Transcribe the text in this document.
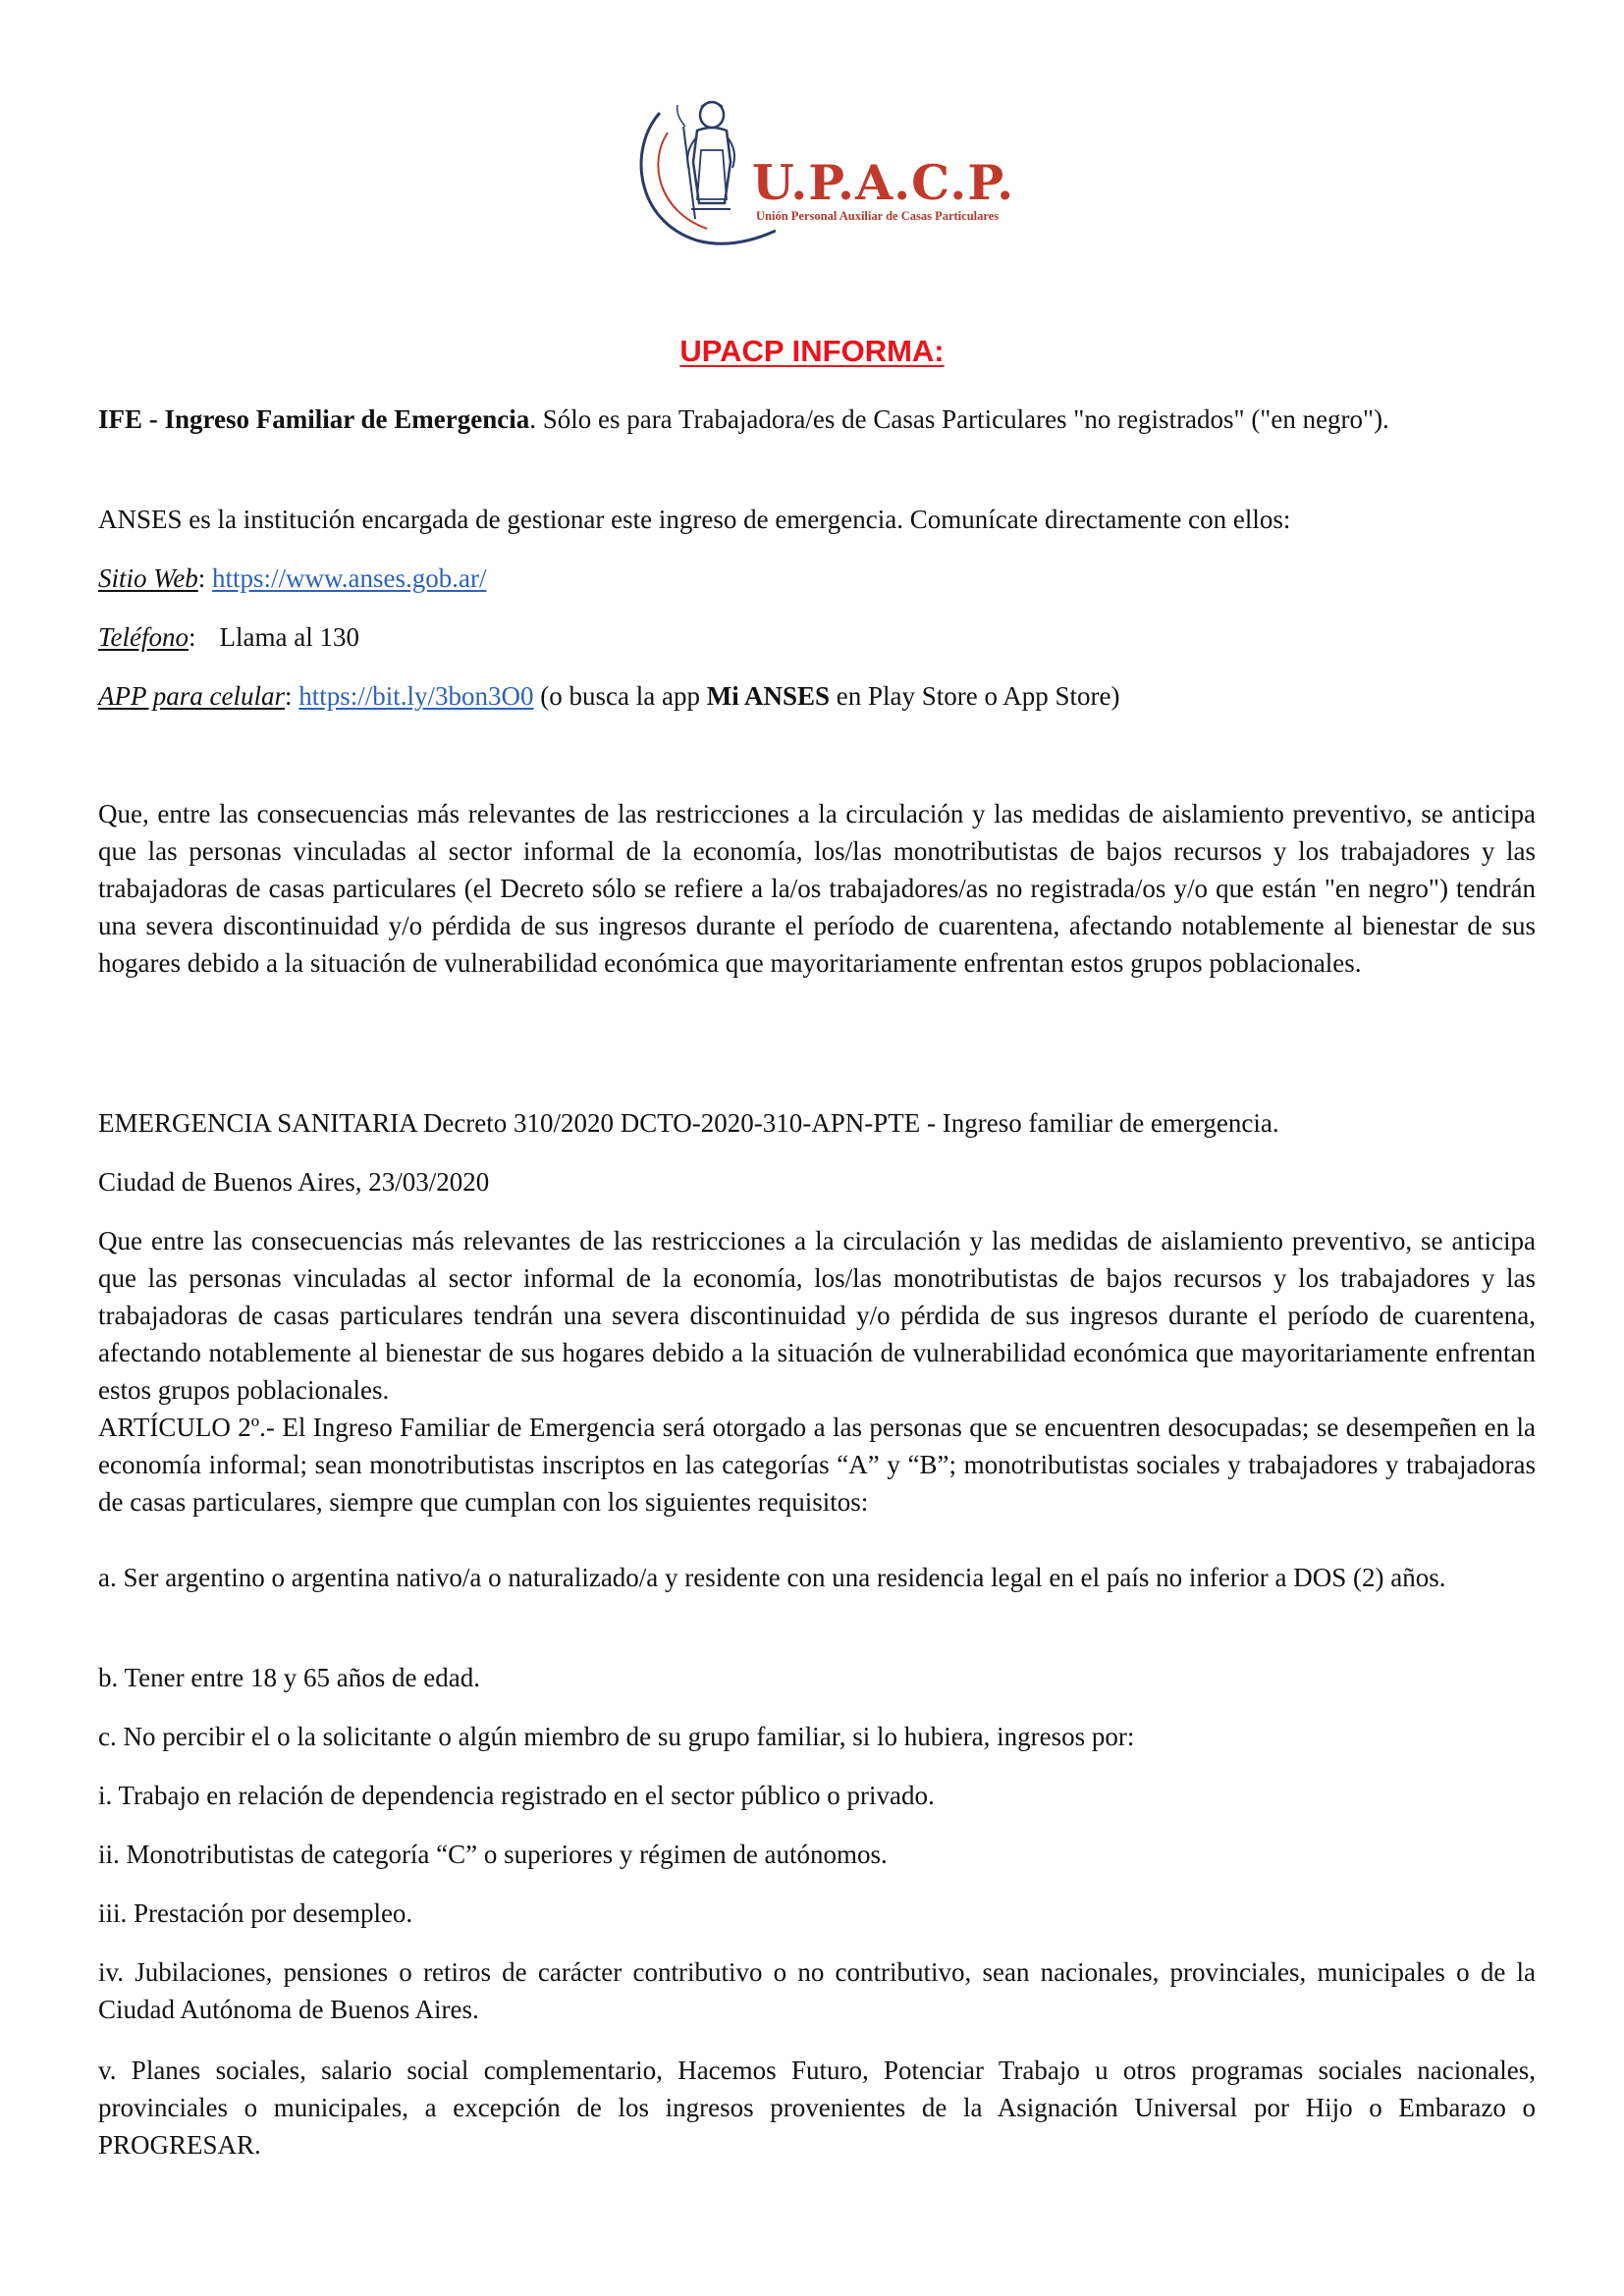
U.P.A.C.P.
Unión Personal Auxiliar de Casas Particulares
UPACP INFORMA:
IFE - Ingreso Familiar de Emergencia. Sólo es para Trabajadora/es de Casas Particulares "no registrados" ("en negro").
ANSES es la institución encargada de gestionar este ingreso de emergencia. Comunícate directamente con ellos:
Sitio Web: https://www.anses.gob.ar/
Teléfono: Llama al 130
APP para celular: https://bit.ly/3bon3O0 (o busca la app Mi ANSES en Play Store o App Store)
Que, entre las consecuencias más relevantes de las restricciones a la circulación y las medidas de aislamiento preventivo, se anticipa que las personas vinculadas al sector informal de la economía, los/las monotributistas de bajos recursos y los trabajadores y las trabajadoras de casas particulares (el Decreto sólo se refiere a la/os trabajadores/as no registrada/os y/o que están "en negro") tendrán una severa discontinuidad y/o pérdida de sus ingresos durante el período de cuarentena, afectando notablemente al bienestar de sus hogares debido a la situación de vulnerabilidad económica que mayoritariamente enfrentan estos grupos poblacionales.
EMERGENCIA SANITARIA Decreto 310/2020 DCTO-2020-310-APN-PTE - Ingreso familiar de emergencia.
Ciudad de Buenos Aires, 23/03/2020
Que entre las consecuencias más relevantes de las restricciones a la circulación y las medidas de aislamiento preventivo, se anticipa que las personas vinculadas al sector informal de la economía, los/las monotributistas de bajos recursos y los trabajadores y las trabajadoras de casas particulares tendrán una severa discontinuidad y/o pérdida de sus ingresos durante el período de cuarentena, afectando notablemente al bienestar de sus hogares debido a la situación de vulnerabilidad económica que mayoritariamente enfrentan estos grupos poblacionales.
ARTÍCULO 2º.- El Ingreso Familiar de Emergencia será otorgado a las personas que se encuentren desocupadas; se desempeñen en la economía informal; sean monotributistas inscriptos en las categorías “A” y “B”; monotributistas sociales y trabajadores y trabajadoras de casas particulares, siempre que cumplan con los siguientes requisitos:
a. Ser argentino o argentina nativo/a o naturalizado/a y residente con una residencia legal en el país no inferior a DOS (2) años.
b. Tener entre 18 y 65 años de edad.
c. No percibir el o la solicitante o algún miembro de su grupo familiar, si lo hubiera, ingresos por:
i. Trabajo en relación de dependencia registrado en el sector público o privado.
ii. Monotributistas de categoría “C” o superiores y régimen de autónomos.
iii. Prestación por desempleo.
iv. Jubilaciones, pensiones o retiros de carácter contributivo o no contributivo, sean nacionales, provinciales, municipales o de la Ciudad Autónoma de Buenos Aires.
v. Planes sociales, salario social complementario, Hacemos Futuro, Potenciar Trabajo u otros programas sociales nacionales, provinciales o municipales, a excepción de los ingresos provenientes de la Asignación Universal por Hijo o Embarazo o PROGRESAR.
